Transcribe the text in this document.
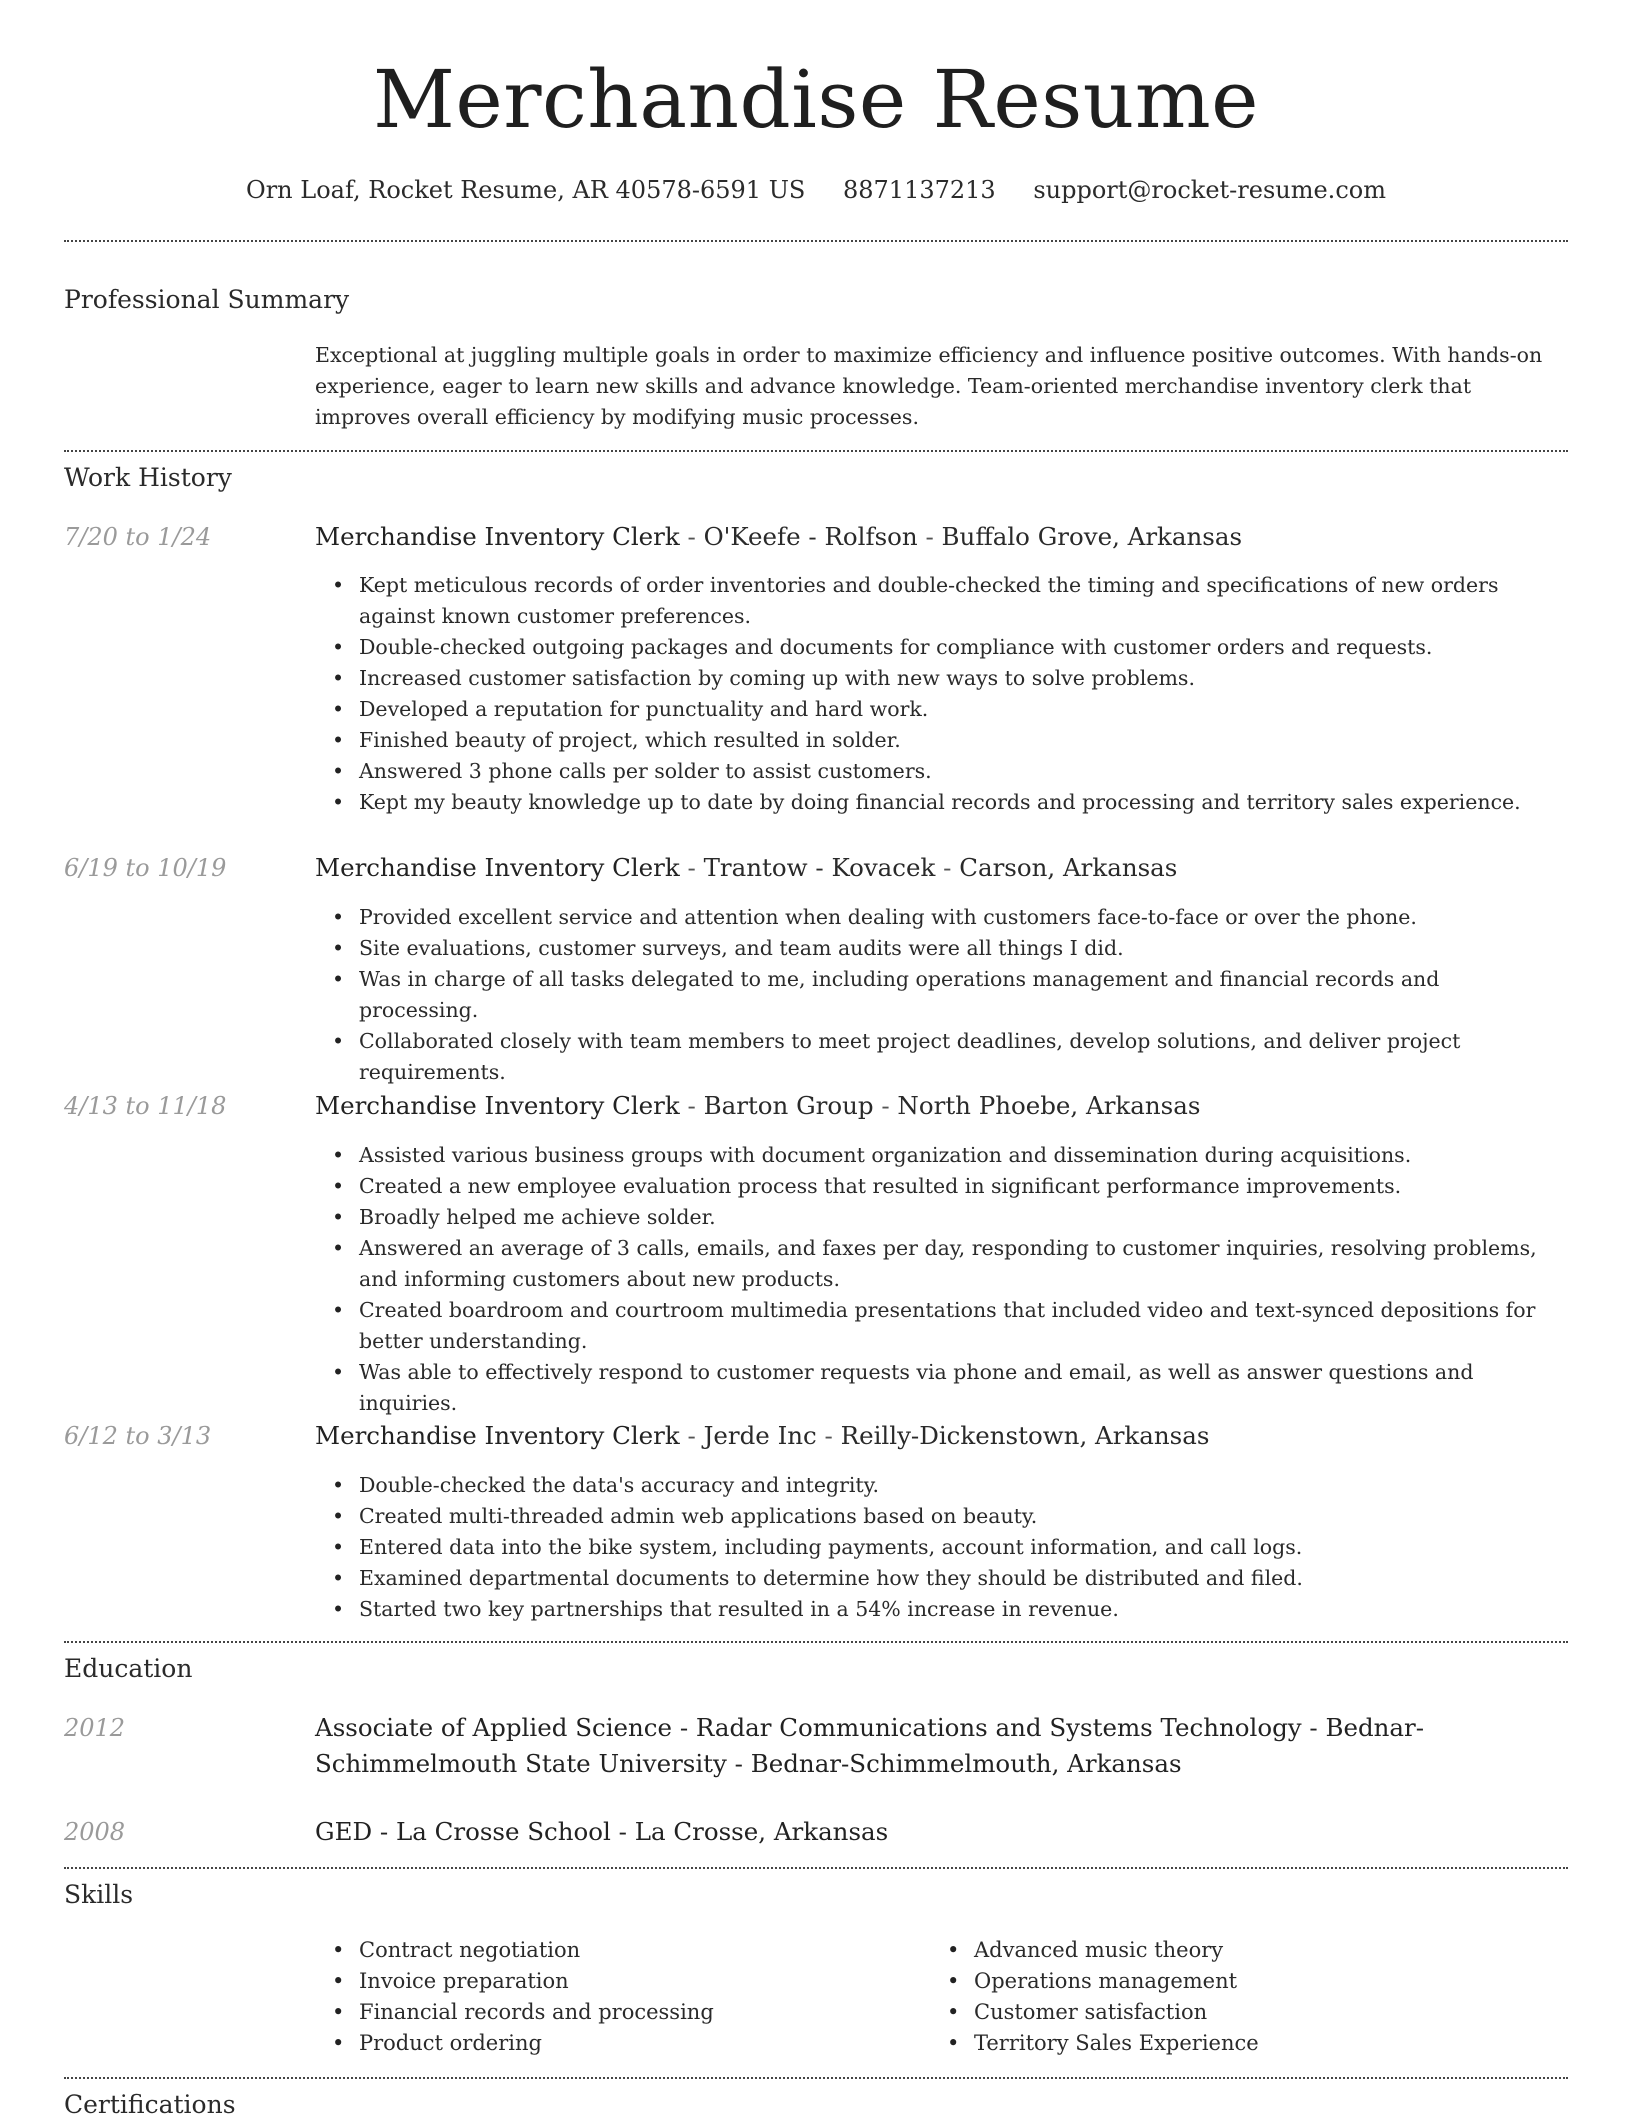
Merchandise Resume
Orn Loaf, Rocket Resume, AR 40578-6591 US 8871137213 support@rocket-resume.com
Professional Summary

Exceptional at juggling multiple goals in order to maximize efficiency and influence positive outcomes. With hands-on experience, eager to learn new skills and advance knowledge. Team-oriented merchandise inventory clerk that improves overall efficiency by modifying music processes.

Work History
7/20 to 1/24	Merchandise Inventory Clerk - O'Keefe - Rolfson - Buffalo Grove, Arkansas
• Kept meticulous records of order inventories and double-checked the timing and specifications of new orders against known customer preferences.
• Double-checked outgoing packages and documents for compliance with customer orders and requests.
• Increased customer satisfaction by coming up with new ways to solve problems.
• Developed a reputation for punctuality and hard work.
• Finished beauty of project, which resulted in solder.
• Answered 3 phone calls per solder to assist customers.
• Kept my beauty knowledge up to date by doing financial records and processing and territory sales experience.
6/19 to 10/19	Merchandise Inventory Clerk - Trantow - Kovacek - Carson, Arkansas
• Provided excellent service and attention when dealing with customers face-to-face or over the phone.
• Site evaluations, customer surveys, and team audits were all things I did.
• Was in charge of all tasks delegated to me, including operations management and financial records and processing.
• Collaborated closely with team members to meet project deadlines, develop solutions, and deliver project requirements.
4/13 to 11/18	Merchandise Inventory Clerk - Barton Group - North Phoebe, Arkansas
• Assisted various business groups with document organization and dissemination during acquisitions.
• Created a new employee evaluation process that resulted in significant performance improvements.
• Broadly helped me achieve solder.
• Answered an average of 3 calls, emails, and faxes per day, responding to customer inquiries, resolving problems, and informing customers about new products.
• Created boardroom and courtroom multimedia presentations that included video and text-synced depositions for better understanding.
• Was able to effectively respond to customer requests via phone and email, as well as answer questions and inquiries.
6/12 to 3/13	Merchandise Inventory Clerk - Jerde Inc - Reilly-Dickenstown, Arkansas
• Double-checked the data's accuracy and integrity.
• Created multi-threaded admin web applications based on beauty.
• Entered data into the bike system, including payments, account information, and call logs.
• Examined departmental documents to determine how they should be distributed and filed.
• Started two key partnerships that resulted in a 54% increase in revenue.
Education
2012	Associate of Applied Science - Radar Communications and Systems Technology - Bednar-
Schimmelmouth State University - Bednar-Schimmelmouth, Arkansas
2008	GED - La Crosse School - La Crosse, Arkansas
Skills
• Contract negotiation
• Invoice preparation
• Financial records and processing
• Product ordering
• Advanced music theory
• Operations management
• Customer satisfaction
• Territory Sales Experience
Certifications
